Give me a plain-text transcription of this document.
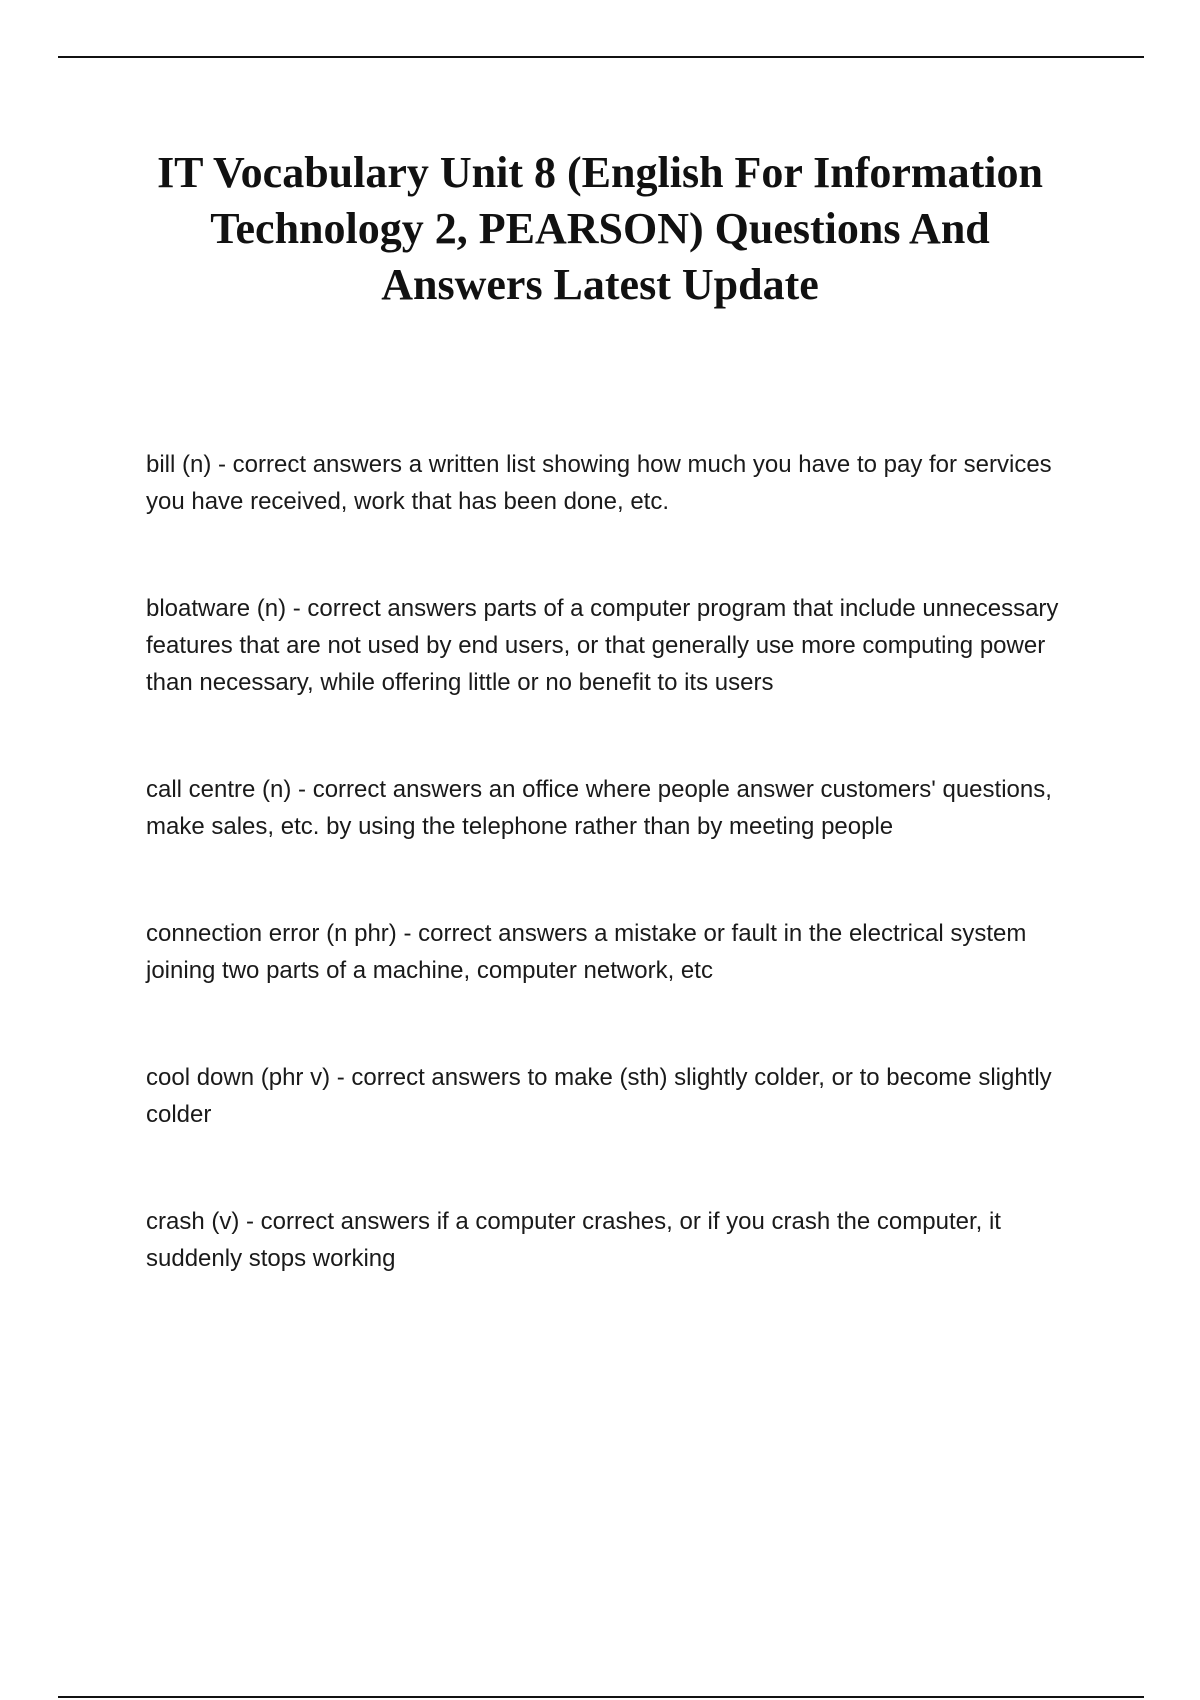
IT Vocabulary Unit 8 (English For Information Technology 2, PEARSON) Questions And Answers Latest Update
bill (n) - correct answers a written list showing how much you have to pay for services you have received, work that has been done, etc.
bloatware (n) - correct answers parts of a computer program that include unnecessary features that are not used by end users, or that generally use more computing power than necessary, while offering little or no benefit to its users
call centre (n) - correct answers an office where people answer customers' questions, make sales, etc. by using the telephone rather than by meeting people
connection error (n phr) - correct answers a mistake or fault in the electrical system joining two parts of a machine, computer network, etc
cool down (phr v) - correct answers to make (sth) slightly colder, or to become slightly colder
crash (v) - correct answers if a computer crashes, or if you crash the computer, it suddenly stops working
